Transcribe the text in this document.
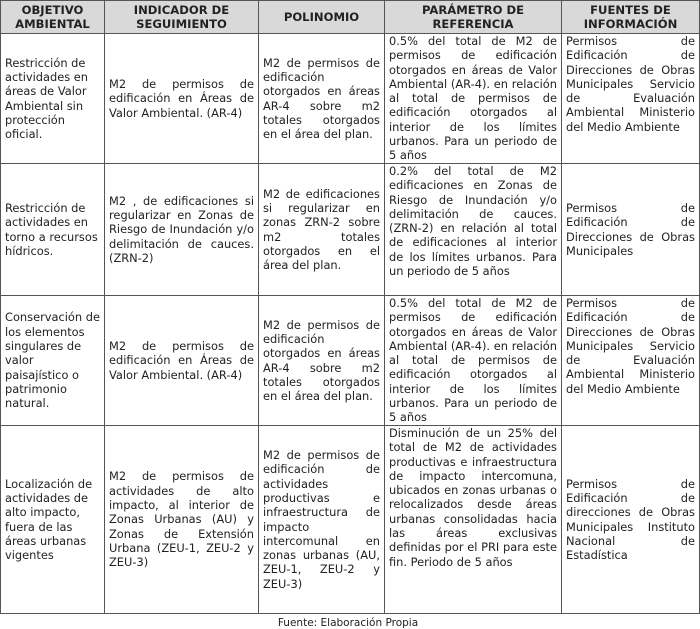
OBJETIVO AMBIENTAL	INDICADOR DE SEGUIMIENTO	POLINOMIO	PARÁMETRO DE REFERENCIA	FUENTES DE INFORMACIÓN
Restricción de actividades en áreas de Valor Ambiental sin protección oficial.	M2 de permisos de edificación en Áreas de Valor Ambiental. (AR-4)	M2 de permisos de edificación otorgados en áreas AR-4 sobre m2 totales otorgados en el área del plan.	0.5% del total de M2 de permisos de edificación otorgados en áreas de Valor Ambiental (AR-4). en relación al total de permisos de edificación otorgados al interior de los límites urbanos. Para un periodo de 5 años	Permisos de Edificación de Direcciones de Obras Municipales Servicio de Evaluación Ambiental Ministerio del Medio Ambiente
Restricción de actividades en torno a recursos hídricos.	M2 , de edificaciones si regularizar en Zonas de Riesgo de Inundación y/o delimitación de cauces. (ZRN-2)	M2 de edificaciones si regularizar en zonas ZRN-2 sobre m2 totales otorgados en el área del plan.	0.2% del total de M2 edificaciones en Zonas de Riesgo de Inundación y/o delimitación de cauces. (ZRN-2) en relación al total de edificaciones al interior de los límites urbanos. Para un periodo de 5 años	Permisos de Edificación de Direcciones de Obras Municipales
Conservación de los elementos singulares de valor paisajístico o patrimonio natural.	M2 de permisos de edificación en Áreas de Valor Ambiental. (AR-4)	M2 de permisos de edificación otorgados en áreas AR-4 sobre m2 totales otorgados en el área del plan.	0.5% del total de M2 de permisos de edificación otorgados en áreas de Valor Ambiental (AR-4). en relación al total de permisos de edificación otorgados al interior de los límites urbanos. Para un periodo de 5 años	Permisos de Edificación de Direcciones de Obras Municipales Servicio de Evaluación Ambiental Ministerio del Medio Ambiente
Localización de actividades de alto impacto, fuera de las áreas urbanas vigentes	M2 de permisos de actividades de alto impacto, al interior de Zonas Urbanas (AU) y Zonas de Extensión Urbana (ZEU-1, ZEU-2 y ZEU-3)	M2 de permisos de edificación de actividades productivas e infraestructura de impacto intercomunal en zonas urbanas (AU, ZEU-1, ZEU-2 y ZEU-3)	Disminución de un 25% del total de M2 de actividades productivas e infraestructura de impacto intercomuna, ubicados en zonas urbanas o relocalizados desde áreas urbanas consolidadas hacia las áreas exclusivas definidas por el PRI para este fin. Periodo de 5 años	Permisos de Edificación de direcciones de Obras Municipales Instituto Nacional de Estadística
Fuente: Elaboración Propia
